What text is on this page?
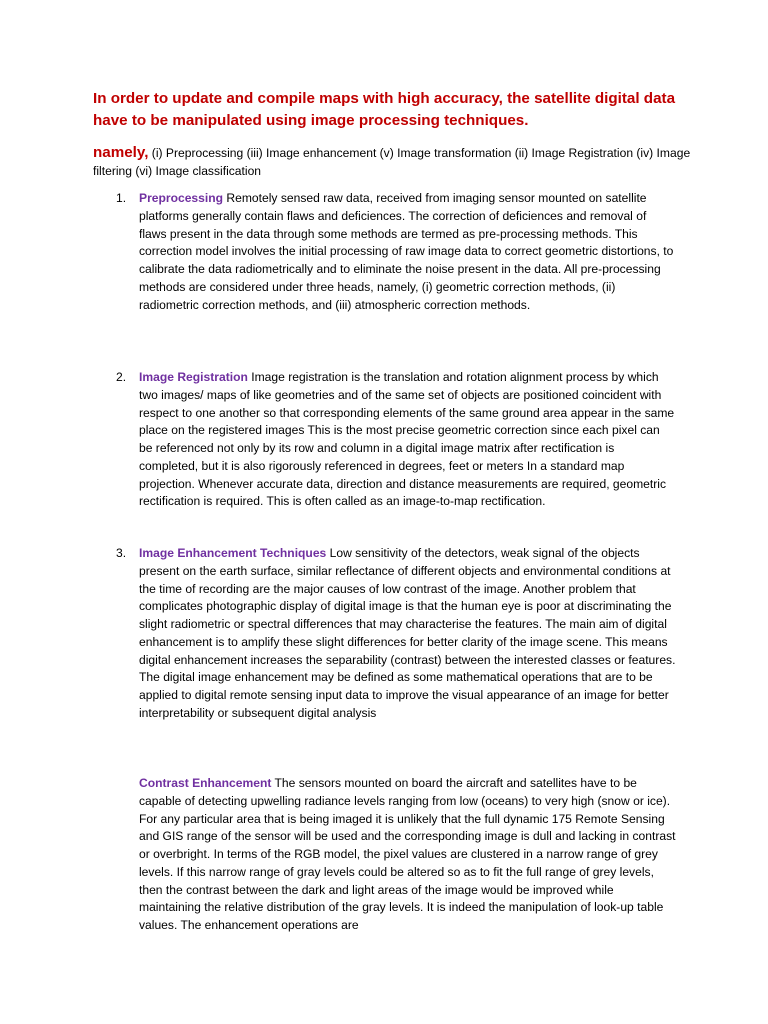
In order to update and compile maps with high accuracy, the satellite digital data have to be manipulated using image processing techniques.
namely, (i) Preprocessing (iii) Image enhancement (v) Image transformation (ii) Image Registration (iv) Image filtering (vi) Image classification
1. Preprocessing Remotely sensed raw data, received from imaging sensor mounted on satellite platforms generally contain flaws and deficiences. The correction of deficiences and removal of flaws present in the data through some methods are termed as pre-processing methods. This correction model involves the initial processing of raw image data to correct geometric distortions, to calibrate the data radiometrically and to eliminate the noise present in the data. All pre-processing methods are considered under three heads, namely, (i) geometric correction methods, (ii) radiometric correction methods, and (iii) atmospheric correction methods.
2. Image Registration Image registration is the translation and rotation alignment process by which two images/ maps of like geometries and of the same set of objects are positioned coincident with respect to one another so that corresponding elements of the same ground area appear in the same place on the registered images This is the most precise geometric correction since each pixel can be referenced not only by its row and column in a digital image matrix after rectification is completed, but it is also rigorously referenced in degrees, feet or meters In a standard map projection. Whenever accurate data, direction and distance measurements are required, geometric rectification is required. This is often called as an image-to-map rectification.
3. Image Enhancement Techniques Low sensitivity of the detectors, weak signal of the objects present on the earth surface, similar reflectance of different objects and environmental conditions at the time of recording are the major causes of low contrast of the image. Another problem that complicates photographic display of digital image is that the human eye is poor at discriminating the slight radiometric or spectral differences that may characterise the features. The main aim of digital enhancement is to amplify these slight differences for better clarity of the image scene. This means digital enhancement increases the separability (contrast) between the interested classes or features. The digital image enhancement may be defined as some mathematical operations that are to be applied to digital remote sensing input data to improve the visual appearance of an image for better interpretability or subsequent digital analysis
Contrast Enhancement The sensors mounted on board the aircraft and satellites have to be capable of detecting upwelling radiance levels ranging from low (oceans) to very high (snow or ice). For any particular area that is being imaged it is unlikely that the full dynamic 175 Remote Sensing and GIS range of the sensor will be used and the corresponding image is dull and lacking in contrast or overbright. In terms of the RGB model, the pixel values are clustered in a narrow range of grey levels. If this narrow range of gray levels could be altered so as to fit the full range of grey levels, then the contrast between the dark and light areas of the image would be improved while maintaining the relative distribution of the gray levels. It is indeed the manipulation of look-up table values. The enhancement operations are
